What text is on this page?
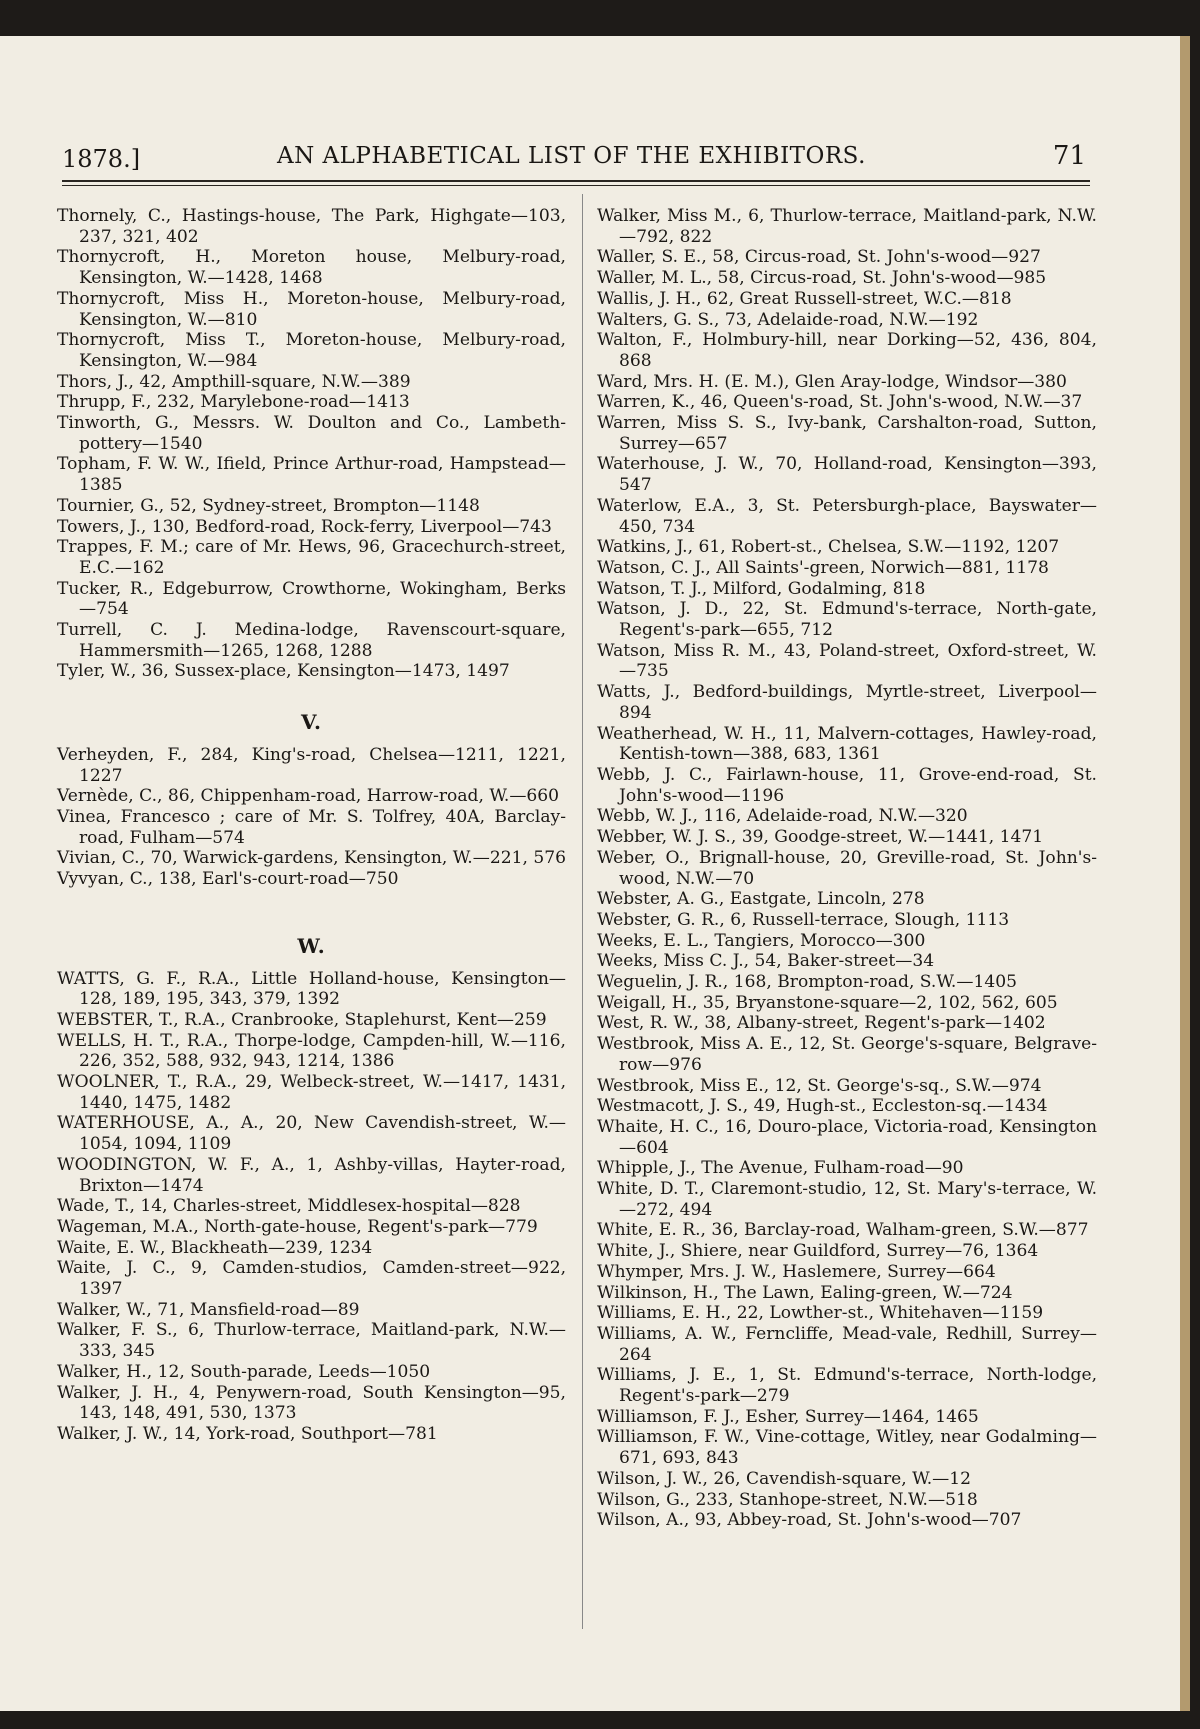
1878.]	AN ALPHABETICAL LIST OF THE EXHIBITORS.	71
Thornely, C., Hastings-house, The Park, Highgate—103, 237, 321, 402
Thornycroft, H., Moreton house, Melbury-road, Kensington, W.—1428, 1468
Thornycroft, Miss H., Moreton-house, Melbury-road, Kensington, W.—810
Thornycroft, Miss T., Moreton-house, Melbury-road, Kensington, W.—984
Thors, J., 42, Ampthill-square, N.W.—389
Thrupp, F., 232, Marylebone-road—1413
Tinworth, G., Messrs. W. Doulton and Co., Lambeth-pottery—1540
Topham, F. W. W., Ifield, Prince Arthur-road, Hampstead—1385
Tournier, G., 52, Sydney-street, Brompton—1148
Towers, J., 130, Bedford-road, Rock-ferry, Liverpool—743
Trappes, F. M.; care of Mr. Hews, 96, Gracechurch-street, E.C.—162
Tucker, R., Edgeburrow, Crowthorne, Wokingham, Berks—754
Turrell, C. J. Medina-lodge, Ravenscourt-square, Hammersmith—1265, 1268, 1288
Tyler, W., 36, Sussex-place, Kensington—1473, 1497
V.
Verheyden, F., 284, King's-road, Chelsea—1211, 1221, 1227
Vernède, C., 86, Chippenham-road, Harrow-road, W.—660
Vinea, Francesco ; care of Mr. S. Tolfrey, 40A, Barclay-road, Fulham—574
Vivian, C., 70, Warwick-gardens, Kensington, W.—221, 576
Vyvyan, C., 138, Earl's-court-road—750
W.
WATTS, G. F., R.A., Little Holland-house, Kensington—128, 189, 195, 343, 379, 1392
WEBSTER, T., R.A., Cranbrooke, Staplehurst, Kent—259
WELLS, H. T., R.A., Thorpe-lodge, Campden-hill, W.—116, 226, 352, 588, 932, 943, 1214, 1386
WOOLNER, T., R.A., 29, Welbeck-street, W.—1417, 1431, 1440, 1475, 1482
WATERHOUSE, A., A., 20, New Cavendish-street, W.—1054, 1094, 1109
WOODINGTON, W. F., A., 1, Ashby-villas, Hayter-road, Brixton—1474
Wade, T., 14, Charles-street, Middlesex-hospital—828
Wageman, M.A., North-gate-house, Regent's-park—779
Waite, E. W., Blackheath—239, 1234
Waite, J. C., 9, Camden-studios, Camden-street—922, 1397
Walker, W., 71, Mansfield-road—89
Walker, F. S., 6, Thurlow-terrace, Maitland-park, N.W.—333, 345
Walker, H., 12, South-parade, Leeds—1050
Walker, J. H., 4, Penywern-road, South Kensington—95, 143, 148, 491, 530, 1373
Walker, J. W., 14, York-road, Southport—781
Walker, Miss M., 6, Thurlow-terrace, Maitland-park, N.W.—792, 822
Waller, S. E., 58, Circus-road, St. John's-wood—927
Waller, M. L., 58, Circus-road, St. John's-wood—985
Wallis, J. H., 62, Great Russell-street, W.C.—818
Walters, G. S., 73, Adelaide-road, N.W.—192
Walton, F., Holmbury-hill, near Dorking—52, 436, 804, 868
Ward, Mrs. H. (E. M.), Glen Aray-lodge, Windsor—380
Warren, K., 46, Queen's-road, St. John's-wood, N.W.—37
Warren, Miss S. S., Ivy-bank, Carshalton-road, Sutton, Surrey—657
Waterhouse, J. W., 70, Holland-road, Kensington—393, 547
Waterlow, E.A., 3, St. Petersburgh-place, Bayswater—450, 734
Watkins, J., 61, Robert-st., Chelsea, S.W.—1192, 1207
Watson, C. J., All Saints'-green, Norwich—881, 1178
Watson, T. J., Milford, Godalming, 818
Watson, J. D., 22, St. Edmund's-terrace, North-gate, Regent's-park—655, 712
Watson, Miss R. M., 43, Poland-street, Oxford-street, W.—735
Watts, J., Bedford-buildings, Myrtle-street, Liverpool—894
Weatherhead, W. H., 11, Malvern-cottages, Hawley-road, Kentish-town—388, 683, 1361
Webb, J. C., Fairlawn-house, 11, Grove-end-road, St. John's-wood—1196
Webb, W. J., 116, Adelaide-road, N.W.—320
Webber, W. J. S., 39, Goodge-street, W.—1441, 1471
Weber, O., Brignall-house, 20, Greville-road, St. John's-wood, N.W.—70
Webster, A. G., Eastgate, Lincoln, 278
Webster, G. R., 6, Russell-terrace, Slough, 1113
Weeks, E. L., Tangiers, Morocco—300
Weeks, Miss C. J., 54, Baker-street—34
Weguelin, J. R., 168, Brompton-road, S.W.—1405
Weigall, H., 35, Bryanstone-square—2, 102, 562, 605
West, R. W., 38, Albany-street, Regent's-park—1402
Westbrook, Miss A. E., 12, St. George's-square, Belgrave-row—976
Westbrook, Miss E., 12, St. George's-sq., S.W.—974
Westmacott, J. S., 49, Hugh-st., Eccleston-sq.—1434
Whaite, H. C., 16, Douro-place, Victoria-road, Kensington—604
Whipple, J., The Avenue, Fulham-road—90
White, D. T., Claremont-studio, 12, St. Mary's-terrace, W.—272, 494
White, E. R., 36, Barclay-road, Walham-green, S.W.—877
White, J., Shiere, near Guildford, Surrey—76, 1364
Whymper, Mrs. J. W., Haslemere, Surrey—664
Wilkinson, H., The Lawn, Ealing-green, W.—724
Williams, E. H., 22, Lowther-st., Whitehaven—1159
Williams, A. W., Ferncliffe, Mead-vale, Redhill, Surrey—264
Williams, J. E., 1, St. Edmund's-terrace, North-lodge, Regent's-park—279
Williamson, F. J., Esher, Surrey—1464, 1465
Williamson, F. W., Vine-cottage, Witley, near Godalming—671, 693, 843
Wilson, J. W., 26, Cavendish-square, W.—12
Wilson, G., 233, Stanhope-street, N.W.—518
Wilson, A., 93, Abbey-road, St. John's-wood—707
